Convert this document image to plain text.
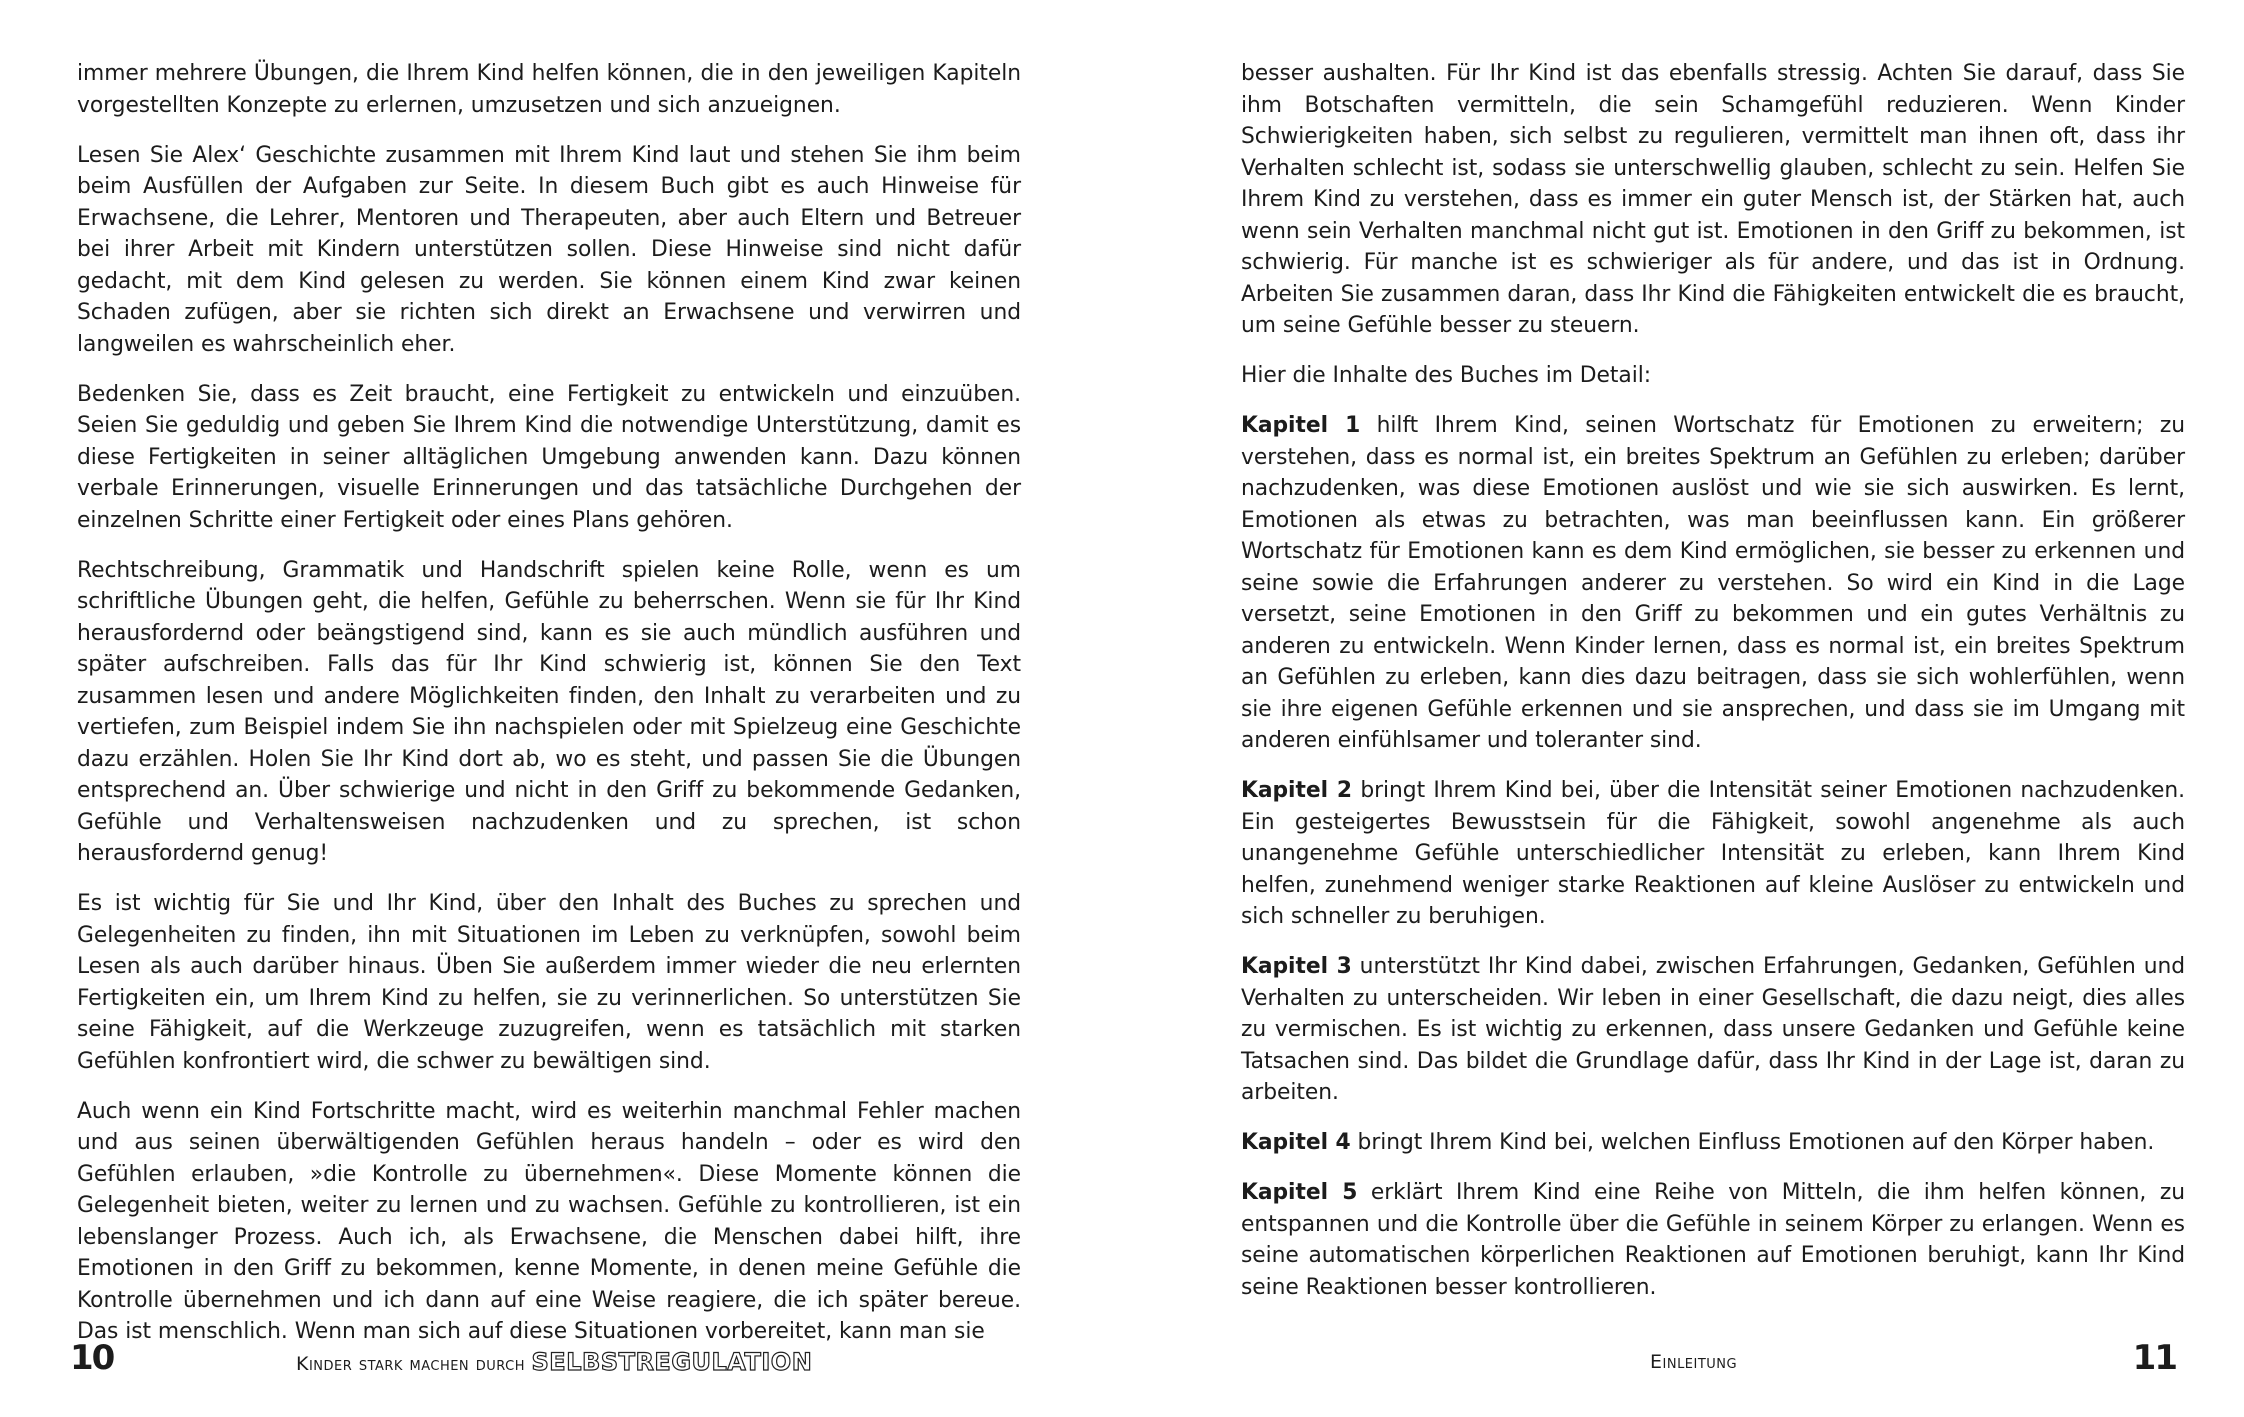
immer mehrere Übungen, die Ihrem Kind helfen können, die in den jeweiligen Kapiteln vorgestellten Konzepte zu erlernen, umzusetzen und sich anzueignen.

Lesen Sie Alex‘ Geschichte zusammen mit Ihrem Kind laut und stehen Sie ihm beim beim Ausfüllen der Aufgaben zur Seite. In diesem Buch gibt es auch Hinweise für Erwachsene, die Lehrer, Mentoren und Therapeuten, aber auch Eltern und Betreuer bei ihrer Arbeit mit Kindern unterstützen sollen. Diese Hinweise sind nicht dafür gedacht, mit dem Kind gelesen zu werden. Sie können einem Kind zwar keinen Schaden zufügen, aber sie richten sich direkt an Erwachsene und verwirren und langweilen es wahrscheinlich eher.

Bedenken Sie, dass es Zeit braucht, eine Fertigkeit zu entwickeln und einzuüben. Seien Sie geduldig und geben Sie Ihrem Kind die notwendige Unterstützung, damit es diese Fertigkeiten in seiner alltäglichen Umgebung anwenden kann. Dazu können verbale Erinnerungen, visuelle Erinnerungen und das tatsächliche Durchgehen der einzelnen Schritte einer Fertigkeit oder eines Plans gehören.

Rechtschreibung, Grammatik und Handschrift spielen keine Rolle, wenn es um schriftliche Übungen geht, die helfen, Gefühle zu beherrschen. Wenn sie für Ihr Kind herausfordernd oder beängstigend sind, kann es sie auch mündlich ausführen und später aufschreiben. Falls das für Ihr Kind schwierig ist, können Sie den Text zusammen lesen und andere Möglichkeiten finden, den Inhalt zu verarbeiten und zu vertiefen, zum Beispiel indem Sie ihn nachspielen oder mit Spielzeug eine Geschichte dazu erzählen. Holen Sie Ihr Kind dort ab, wo es steht, und passen Sie die Übungen entsprechend an. Über schwierige und nicht in den Griff zu bekommende Gedanken, Gefühle und Verhaltensweisen nachzudenken und zu sprechen, ist schon herausfordernd genug!

Es ist wichtig für Sie und Ihr Kind, über den Inhalt des Buches zu sprechen und Gelegenheiten zu finden, ihn mit Situationen im Leben zu verknüpfen, sowohl beim Lesen als auch darüber hinaus. Üben Sie außerdem immer wieder die neu erlernten Fertigkeiten ein, um Ihrem Kind zu helfen, sie zu verinnerlichen. So unterstützen Sie seine Fähigkeit, auf die Werkzeuge zuzugreifen, wenn es tatsächlich mit starken Gefühlen konfrontiert wird, die schwer zu bewältigen sind.

Auch wenn ein Kind Fortschritte macht, wird es weiterhin manchmal Fehler machen und aus seinen überwältigenden Gefühlen heraus handeln – oder es wird den Gefühlen erlauben, »die Kontrolle zu übernehmen«. Diese Momente können die Gelegenheit bieten, weiter zu lernen und zu wachsen. Gefühle zu kontrollieren, ist ein lebenslanger Prozess. Auch ich, als Erwachsene, die Menschen dabei hilft, ihre Emotionen in den Griff zu bekommen, kenne Momente, in denen meine Gefühle die Kontrolle übernehmen und ich dann auf eine Weise reagiere, die ich später bereue. Das ist menschlich. Wenn man sich auf diese Situationen vorbereitet, kann man sie

besser aushalten. Für Ihr Kind ist das ebenfalls stressig. Achten Sie darauf, dass Sie ihm Botschaften vermitteln, die sein Schamgefühl reduzieren. Wenn Kinder Schwierigkeiten haben, sich selbst zu regulieren, vermittelt man ihnen oft, dass ihr Verhalten schlecht ist, sodass sie unterschwellig glauben, schlecht zu sein. Helfen Sie Ihrem Kind zu verstehen, dass es immer ein guter Mensch ist, der Stärken hat, auch wenn sein Verhalten manchmal nicht gut ist. Emotionen in den Griff zu bekommen, ist schwierig. Für manche ist es schwieriger als für andere, und das ist in Ordnung. Arbeiten Sie zusammen daran, dass Ihr Kind die Fähigkeiten entwickelt die es braucht, um seine Gefühle besser zu steuern.

Hier die Inhalte des Buches im Detail:

Kapitel 1 hilft Ihrem Kind, seinen Wortschatz für Emotionen zu erweitern; zu verstehen, dass es normal ist, ein breites Spektrum an Gefühlen zu erleben; darüber nachzudenken, was diese Emotionen auslöst und wie sie sich auswirken. Es lernt, Emotionen als etwas zu betrachten, was man beeinflussen kann. Ein größerer Wortschatz für Emotionen kann es dem Kind ermöglichen, sie besser zu erkennen und seine sowie die Erfahrungen anderer zu verstehen. So wird ein Kind in die Lage versetzt, seine Emotionen in den Griff zu bekommen und ein gutes Verhältnis zu anderen zu entwickeln. Wenn Kinder lernen, dass es normal ist, ein breites Spektrum an Gefühlen zu erleben, kann dies dazu beitragen, dass sie sich wohlerfühlen, wenn sie ihre eigenen Gefühle erkennen und sie ansprechen, und dass sie im Umgang mit anderen einfühlsamer und toleranter sind.

Kapitel 2 bringt Ihrem Kind bei, über die Intensität seiner Emotionen nachzudenken. Ein gesteigertes Bewusstsein für die Fähigkeit, sowohl angenehme als auch unangenehme Gefühle unterschiedlicher Intensität zu erleben, kann Ihrem Kind helfen, zunehmend weniger starke Reaktionen auf kleine Auslöser zu entwickeln und sich schneller zu beruhigen.

Kapitel 3 unterstützt Ihr Kind dabei, zwischen Erfahrungen, Gedanken, Gefühlen und Verhalten zu unterscheiden. Wir leben in einer Gesellschaft, die dazu neigt, dies alles zu vermischen. Es ist wichtig zu erkennen, dass unsere Gedanken und Gefühle keine Tatsachen sind. Das bildet die Grundlage dafür, dass Ihr Kind in der Lage ist, daran zu arbeiten.

Kapitel 4 bringt Ihrem Kind bei, welchen Einfluss Emotionen auf den Körper haben.

Kapitel 5 erklärt Ihrem Kind eine Reihe von Mitteln, die ihm helfen können, zu entspannen und die Kontrolle über die Gefühle in seinem Körper zu erlangen. Wenn es seine automatischen körperlichen Reaktionen auf Emotionen beruhigt, kann Ihr Kind seine Reaktionen besser kontrollieren.

10	Kinder stark machen durch SELBSTREGULATION	Einleitung	11
